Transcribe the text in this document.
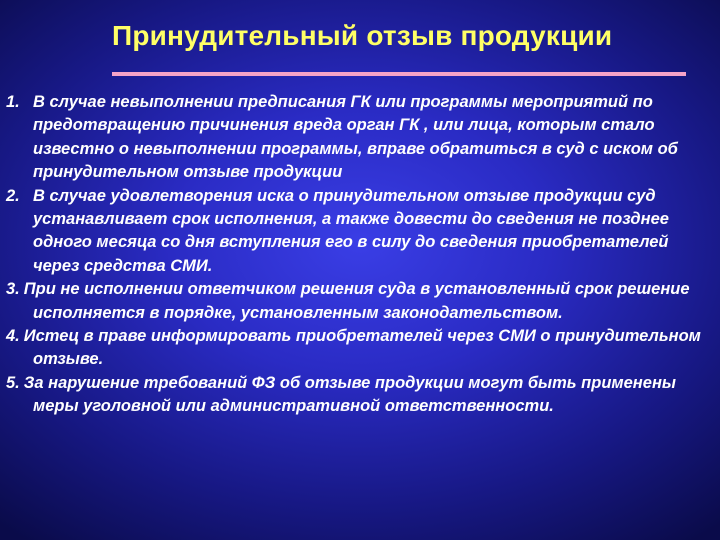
Принудительный отзыв продукции
1. В случае невыполнении предписания ГК или программы мероприятий по предотвращению причинения вреда орган ГК , или лица, которым стало известно о невыполнении программы, вправе обратиться в суд с иском об принудительном отзыве продукции
2. В случае удовлетворения иска о принудительном отзыве продукции суд устанавливает срок исполнения, а также довести до сведения не позднее одного месяца со дня вступления его в силу до сведения приобретателей через средства СМИ.
3. При не исполнении ответчиком решения суда в установленный срок решение исполняется в порядке, установленным законодательством.
4. Истец в праве информировать приобретателей через СМИ о принудительном отзыве.
5. За нарушение требований ФЗ об отзыве продукции могут быть применены меры уголовной или административной ответственности.
